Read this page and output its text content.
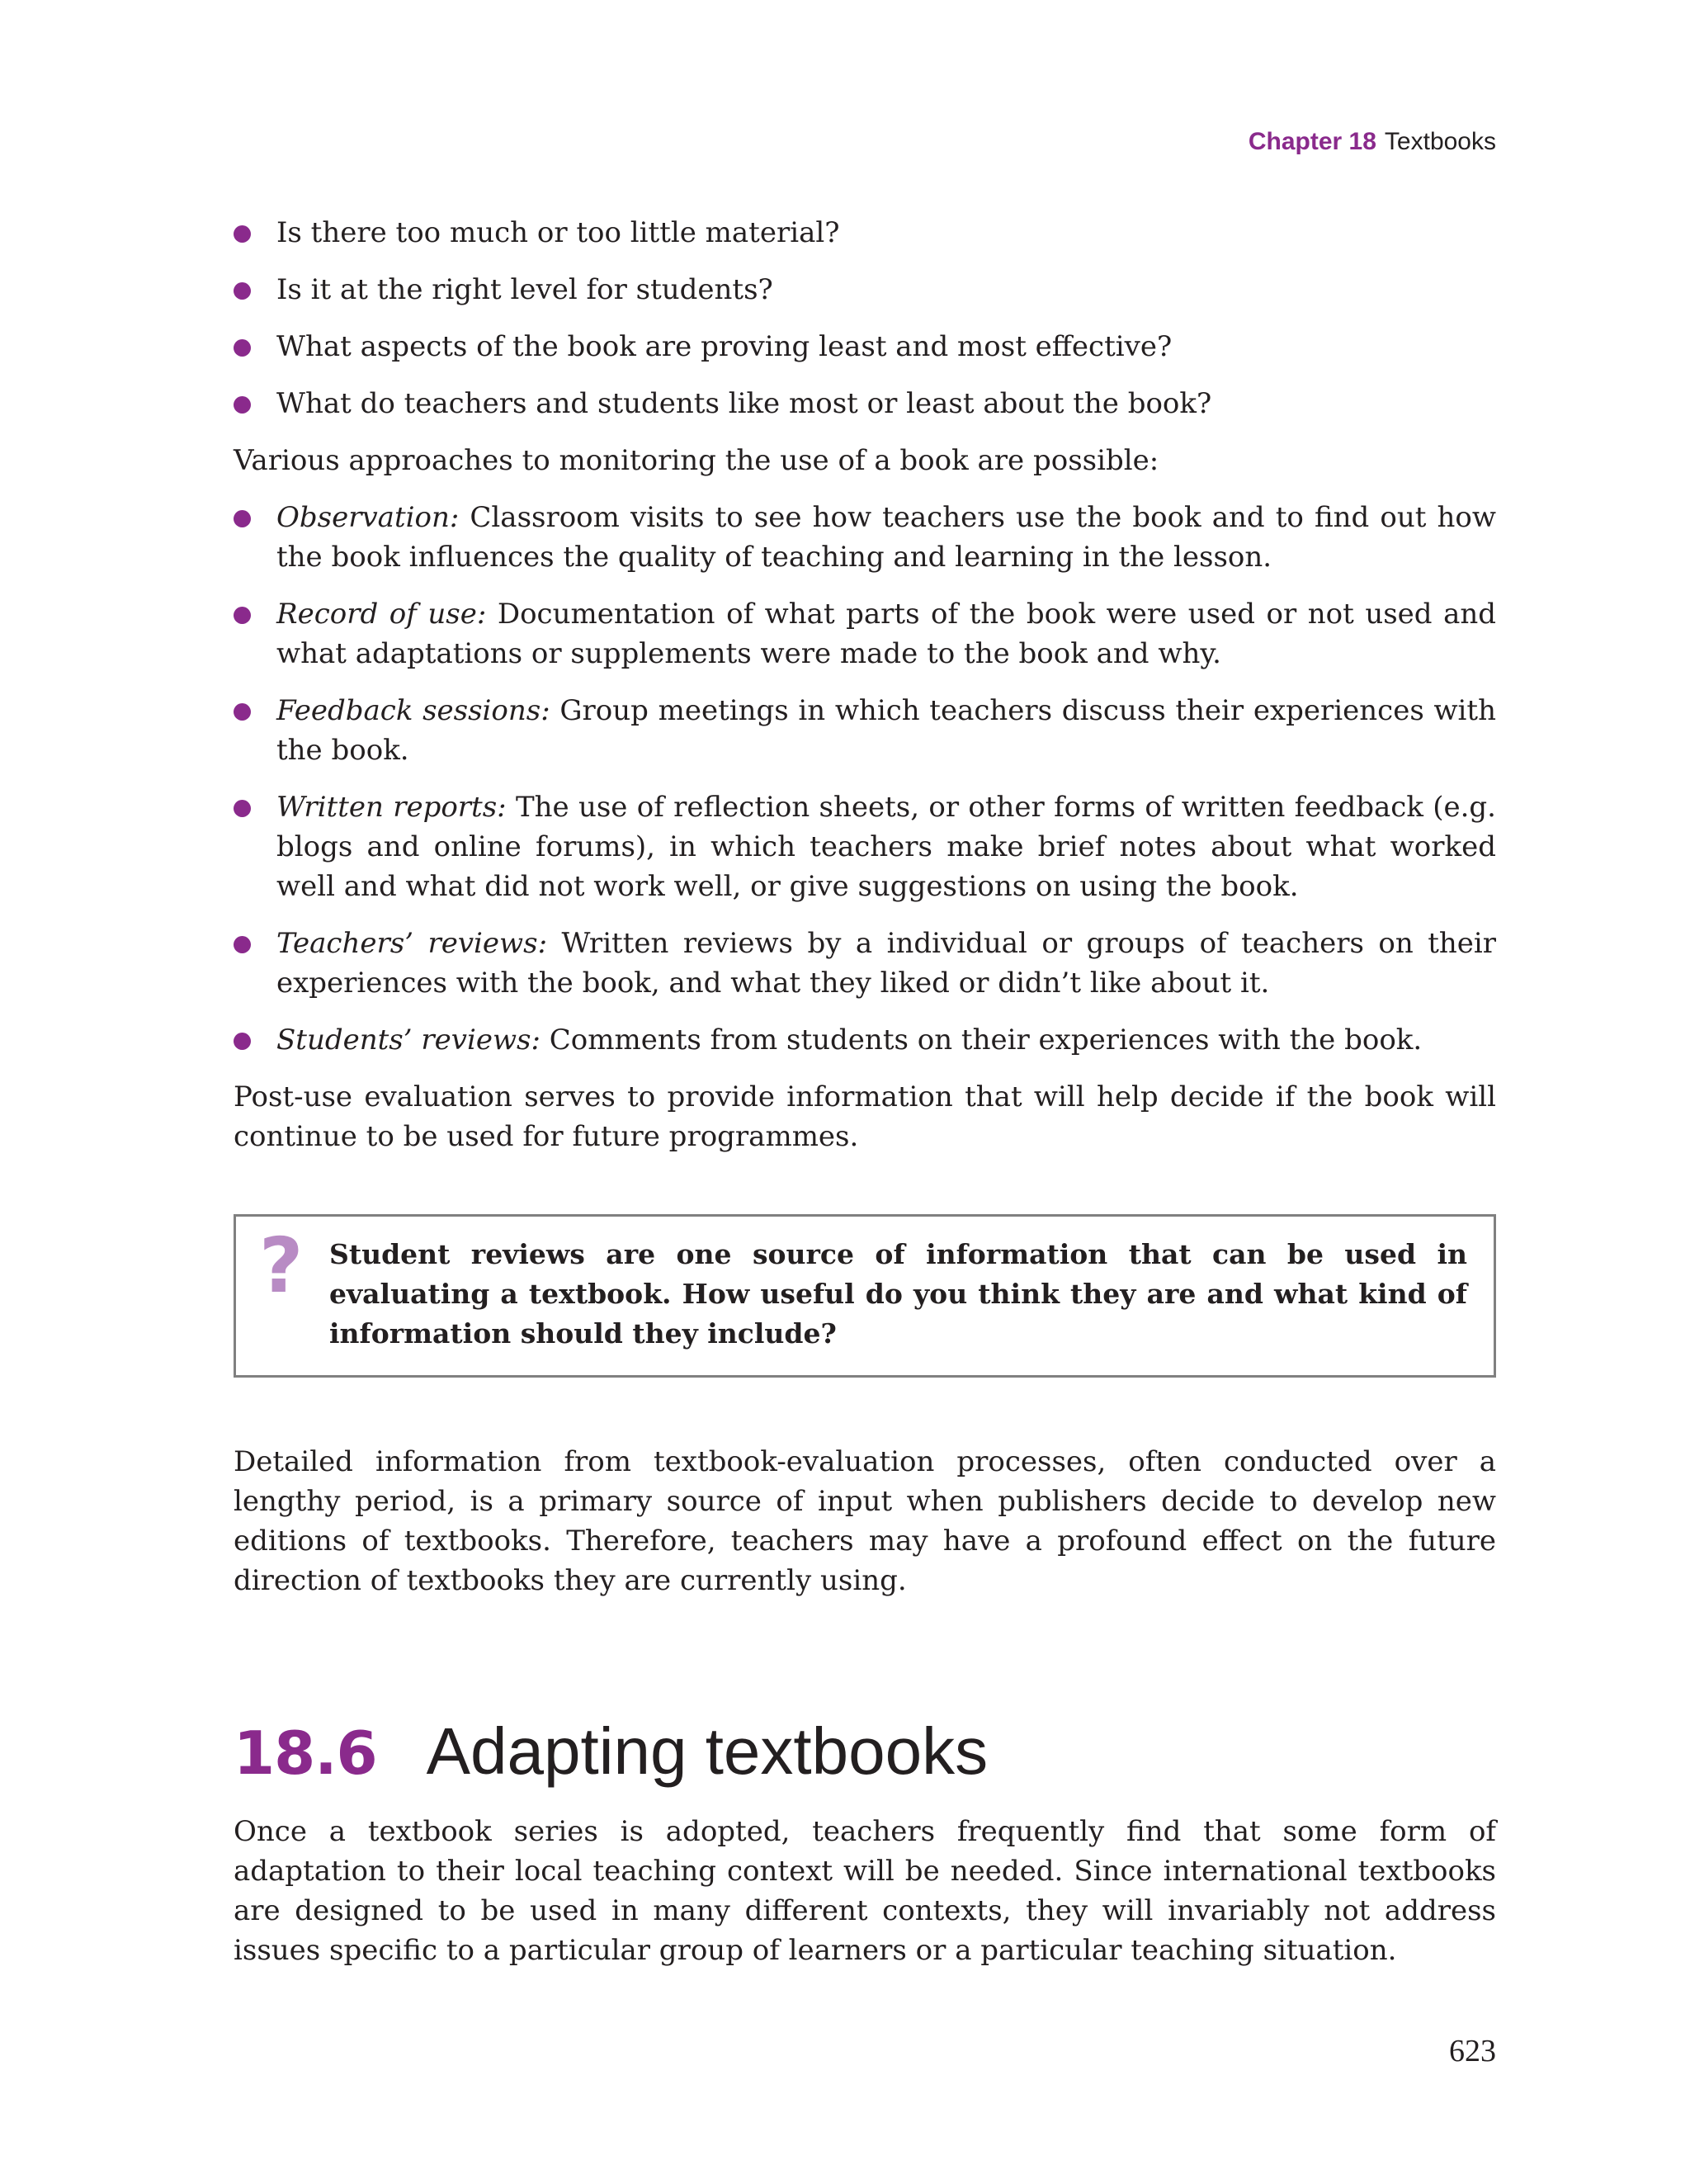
Chapter 18 Textbooks
Is there too much or too little material?
Is it at the right level for students?
What aspects of the book are proving least and most effective?
What do teachers and students like most or least about the book?

Various approaches to monitoring the use of a book are possible:

Observation: Classroom visits to see how teachers use the book and to find out how the book influences the quality of teaching and learning in the lesson.
Record of use: Documentation of what parts of the book were used or not used and what adaptations or supplements were made to the book and why.
Feedback sessions: Group meetings in which teachers discuss their experiences with the book.
Written reports: The use of reflection sheets, or other forms of written feedback (e.g. blogs and online forums), in which teachers make brief notes about what worked well and what did not work well, or give suggestions on using the book.
Teachers’ reviews: Written reviews by a individual or groups of teachers on their experiences with the book, and what they liked or didn’t like about it.
Students’ reviews: Comments from students on their experiences with the book.

Post-use evaluation serves to provide information that will help decide if the book will continue to be used for future programmes.

? Student reviews are one source of information that can be used in evaluating a textbook. How useful do you think they are and what kind of information should they include?

Detailed information from textbook-evaluation processes, often conducted over a lengthy period, is a primary source of input when publishers decide to develop new editions of textbooks. Therefore, teachers may have a profound effect on the future direction of textbooks they are currently using.

18.6 Adapting textbooks

Once a textbook series is adopted, teachers frequently find that some form of adaptation to their local teaching context will be needed. Since international textbooks are designed to be used in many different contexts, they will invariably not address issues specific to a particular group of learners or a particular teaching situation.

623
